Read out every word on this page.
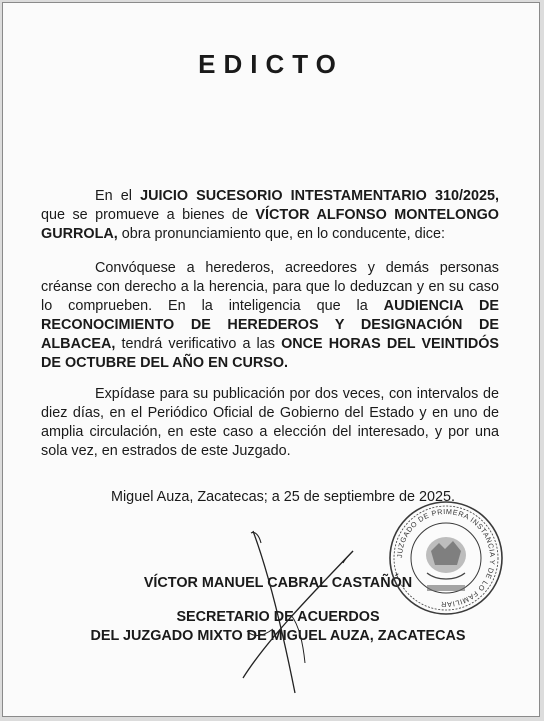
EDICTO

En el JUICIO SUCESORIO INTESTAMENTARIO 310/2025, que se promueve a bienes de VÍCTOR ALFONSO MONTELONGO GURROLA, obra pronunciamiento que, en lo conducente, dice:

Convóquese a herederos, acreedores y demás personas créanse con derecho a la herencia, para que lo deduzcan y en su caso lo comprueben. En la inteligencia que la AUDIENCIA DE RECONOCIMIENTO DE HEREDEROS Y DESIGNACIÓN DE ALBACEA, tendrá verificativo a las ONCE HORAS DEL VEINTIDÓS DE OCTUBRE DEL AÑO EN CURSO.

Expídase para su publicación por dos veces, con intervalos de diez días, en el Periódico Oficial de Gobierno del Estado y en uno de amplia circulación, en este caso a elección del interesado, y por una sola vez, en estrados de este Juzgado.

Miguel Auza, Zacatecas; a 25 de septiembre de 2025.
VÍCTOR MANUEL CABRAL CASTAÑÓN
SECRETARIO DE ACUERDOS
DEL JUZGADO MIXTO DE MIGUEL AUZA, ZACATECAS
JUZGADO DE PRIMERA INSTANCIA Y DE LO FAMILIAR
